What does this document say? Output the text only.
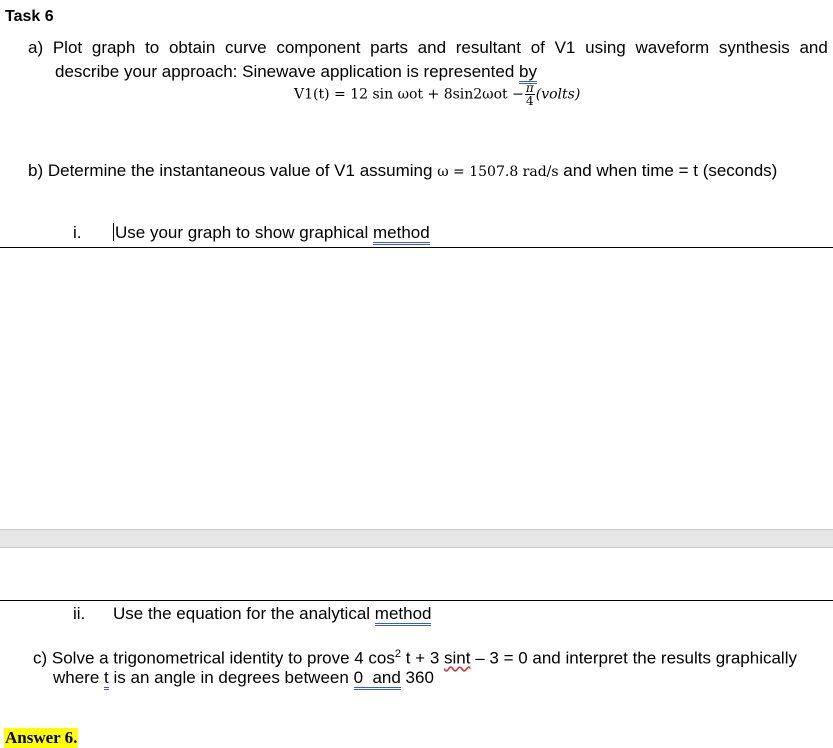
Task 6
a) Plot graph to obtain curve component parts and resultant of V1 using waveform synthesis and
describe your approach: Sinewave application is represented by
V1(t) = 12 $\sin \omega ot + 8\sin 2\omega ot - \frac{\pi}{4}$ (volts)
b) Determine the instantaneous value of V1 assuming ω = 1507.8 rad/s and when time = t (seconds)
i. Use your graph to show graphical method
ii. Use the equation for the analytical method
c) Solve a trigonometrical identity to prove 4 $\cos^2 t + 3$ sint – 3 = 0 and interpret the results graphically
where t is an angle in degrees between 0  and 360
Answer 6.
